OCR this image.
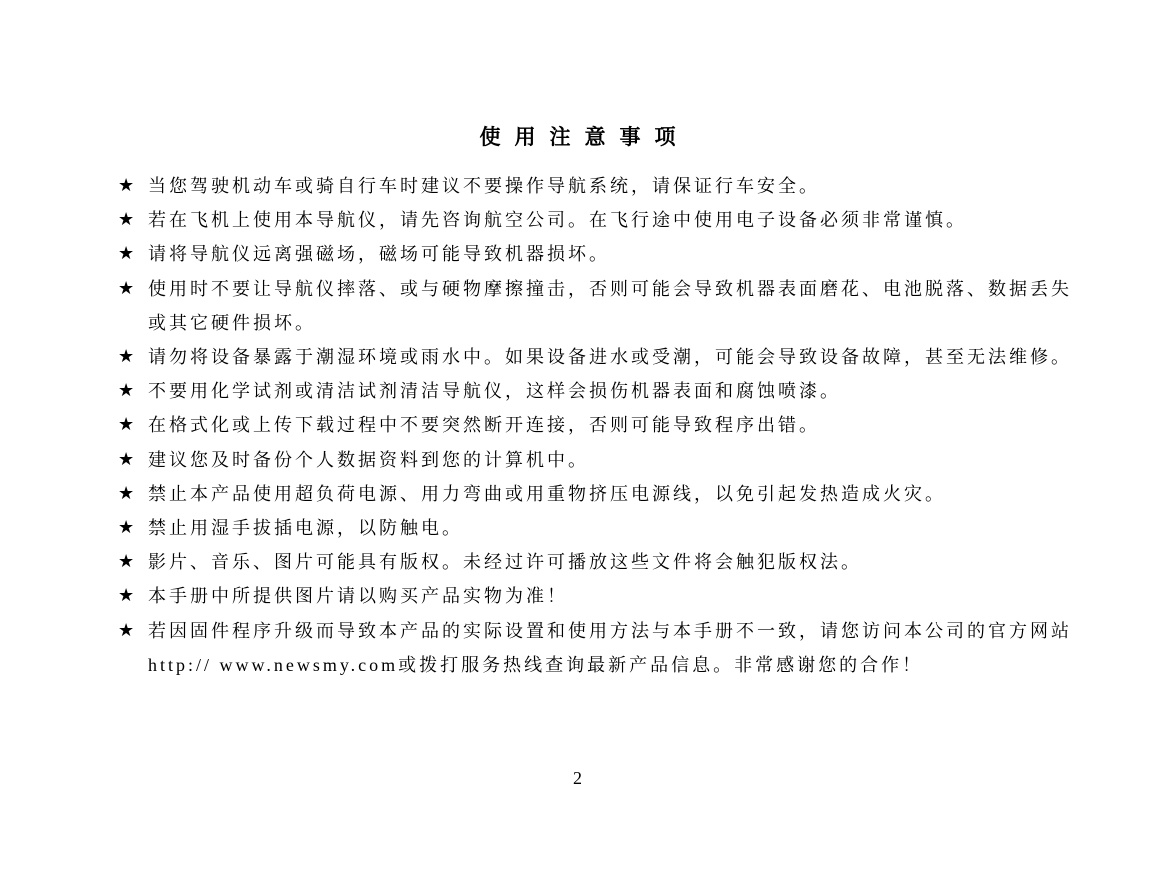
使用注意事项
★ 当您驾驶机动车或骑自行车时建议不要操作导航系统，请保证行车安全。
★ 若在飞机上使用本导航仪，请先咨询航空公司。在飞行途中使用电子设备必须非常谨慎。
★ 请将导航仪远离强磁场，磁场可能导致机器损坏。
★ 使用时不要让导航仪摔落、或与硬物摩擦撞击，否则可能会导致机器表面磨花、电池脱落、数据丢失
或其它硬件损坏。
★ 请勿将设备暴露于潮湿环境或雨水中。如果设备进水或受潮，可能会导致设备故障，甚至无法维修。
★ 不要用化学试剂或清洁试剂清洁导航仪，这样会损伤机器表面和腐蚀喷漆。
★ 在格式化或上传下载过程中不要突然断开连接，否则可能导致程序出错。
★ 建议您及时备份个人数据资料到您的计算机中。
★ 禁止本产品使用超负荷电源、用力弯曲或用重物挤压电源线，以免引起发热造成火灾。
★ 禁止用湿手拔插电源，以防触电。
★ 影片、音乐、图片可能具有版权。未经过许可播放这些文件将会触犯版权法。
★ 本手册中所提供图片请以购买产品实物为准！
★ 若因固件程序升级而导致本产品的实际设置和使用方法与本手册不一致，请您访问本公司的官方网站
http:// www.newsmy.com或拨打服务热线查询最新产品信息。非常感谢您的合作！
2
